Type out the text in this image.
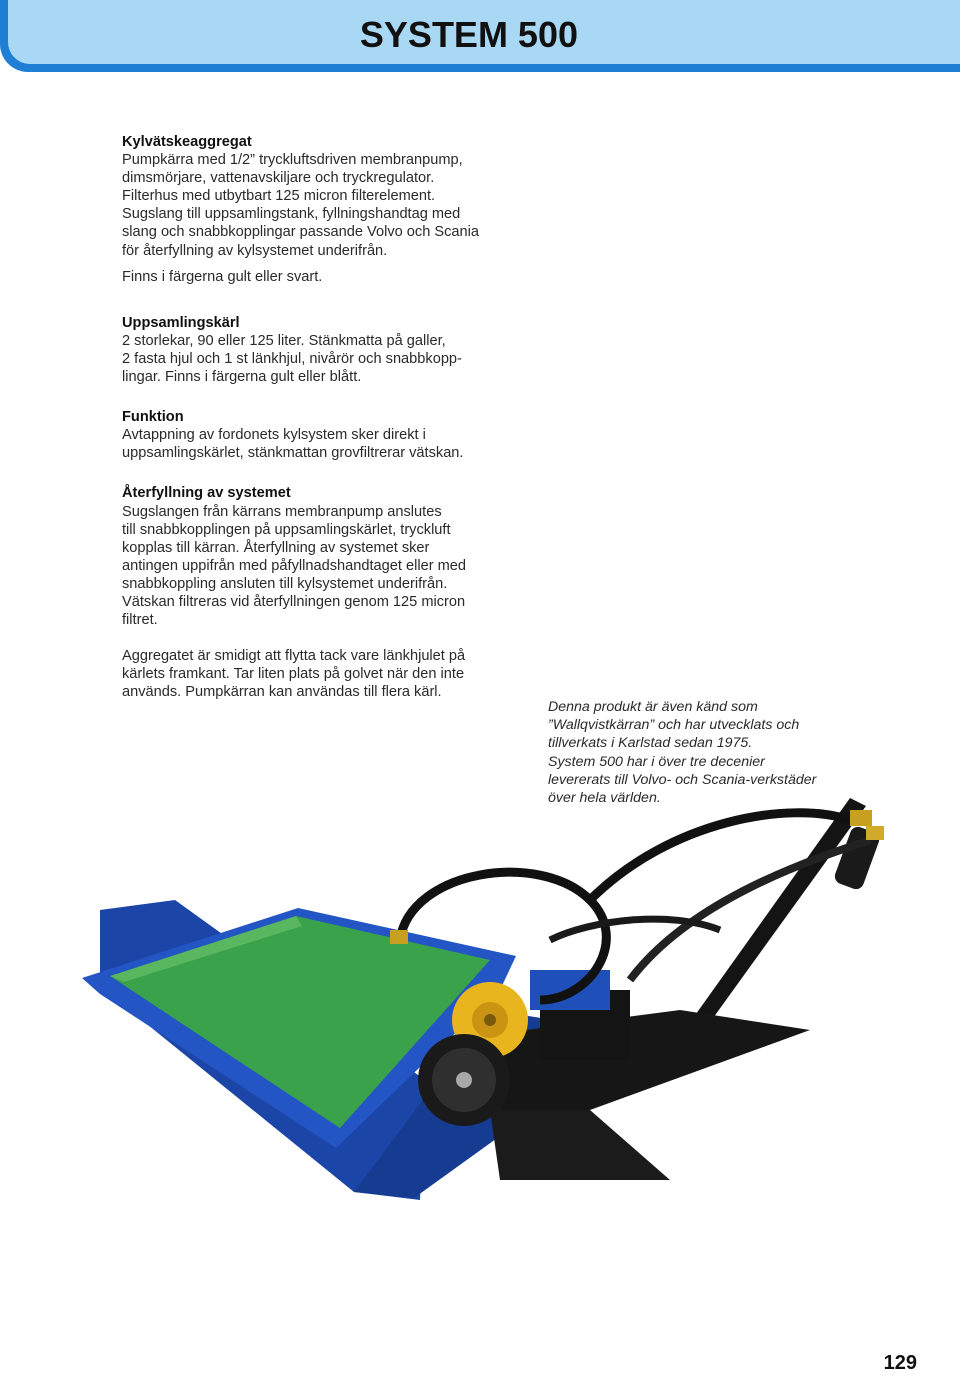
SYSTEM 500
Kylvätskeaggregat
Pumpkärra med 1/2” tryckluftsdriven membranpump,
dimsmörjare, vattenavskiljare och tryckregulator.
Filterhus med utbytbart 125 micron filterelement.
Sugslang till uppsamlingstank, fyllningshandtag med
slang och snabbkopplingar passande Volvo och Scania
för återfyllning av kylsystemet underifrån.
Finns i färgerna gult eller svart.
Uppsamlingskärl
2 storlekar, 90 eller 125 liter. Stänkmatta på galler,
2 fasta hjul och 1 st länkhjul, nivårör och snabbkopp-
lingar. Finns i färgerna gult eller blått.
Funktion
Avtappning av fordonets kylsystem sker direkt i
uppsamlingskärlet, stänkmattan grovfiltrerar vätskan.
Återfyllning av systemet
Sugslangen från kärrans membranpump anslutes
till snabbkopplingen på uppsamlingskärlet, tryckluft
kopplas till kärran. Återfyllning av systemet sker
antingen uppifrån med påfyllnadshandtaget eller med
snabbkoppling ansluten till kylsystemet underifrån.
Vätskan filtreras vid återfyllningen genom 125 micron
filtret.
Aggregatet är smidigt att flytta tack vare länkhjulet på
kärlets framkant. Tar liten plats på golvet när den inte
används. Pumpkärran kan användas till flera kärl.
Denna produkt är även känd som
”Wallqvistkärran” och har utvecklats och
tillverkats i Karlstad sedan 1975.
System 500 har i över tre decenier
levererats till Volvo- och Scania-verkstäder
över hela världen.
129
